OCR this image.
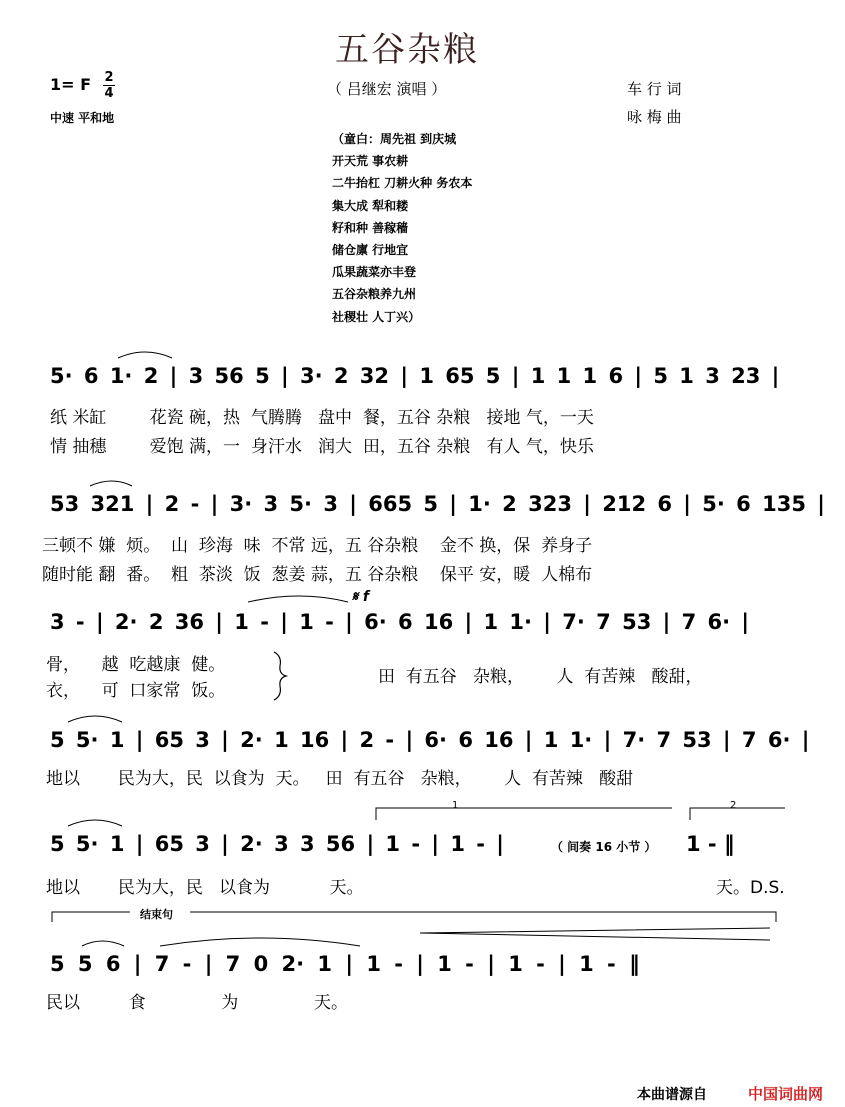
五谷杂粮
（ 吕继宏 演唱 ）
1= F 2
4
中速 平和地
车 行 词
咏 梅 曲
（童白：周先祖 到庆城
开天荒 事农耕
二牛抬杠 刀耕火种 务农本
集大成 犁和耧
籽和种 善稼穑
储仓廪 行地宜
瓜果蔬菜亦丰登
五谷杂粮养九州
社稷壮 人丁兴）
5· 6 1· 2 | 3 56 5 | 3· 2 32 | 1 65 5 | 1 1 1 6 | 5 1 3 23 |
纸 米缸        花瓷 碗，热  气腾腾   盘中  餐，五谷 杂粮   接地 气，一天
情 抽穗        爱饱 满，一  身汗水   润大  田，五谷 杂粮   有人 气，快乐
53 321 | 2 - | 3· 3 5· 3 | 665 5 | 1· 2 323 | 212 6 | 5· 6 135 |
三顿不 嫌  烦。  山  珍海  味  不常 远，五 谷杂粮    金不 换，保  养身子
随时能 翻  番。  粗  茶淡  饭  葱姜 蒜，五 谷杂粮    保平 安，暖  人棉布
𝄋 f
3 - | 2· 2 36 | 1 - | 1 - | 6· 6 16 | 1 1· | 7· 7 53 | 7 6· |
骨，    越  吃越康  健。
衣，    可  口家常  饭。
田  有五谷   杂粮，      人  有苦辣   酸甜，
5 5· 1 | 65 3 | 2· 1 16 | 2 - | 6· 6 16 | 1 1· | 7· 7 53 | 7 6· |
地以       民为大，民  以食为  天。   田  有五谷   杂粮，      人  有苦辣   酸甜
1	2
5 5· 1 | 65 3 | 2· 3 3 56 | 1 - | 1 - |	（ 间奏 16 小节 ） 1 - ‖
地以       民为大，民   以食为           天。	天。D.S.
结束句
5 5 6 | 7 - | 7 0 2· 1 | 1 - | 1 - | 1 - | 1 - ‖
民以         食              为              天。
本曲谱源自	中国词曲网
